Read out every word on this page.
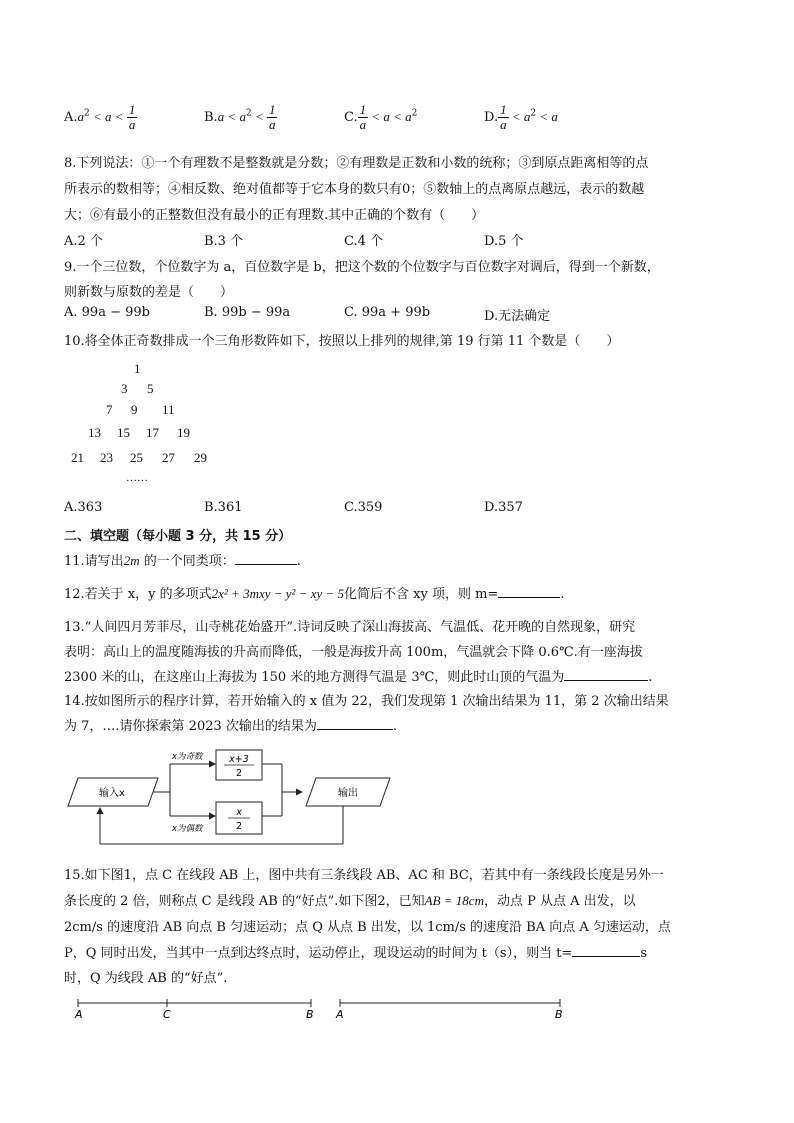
$A.a^2 < a < \frac{1}{a}$	$B.a < a^2 < \frac{1}{a}$	C. $\frac{1}{a} < a < a^2$	D. $\frac{1}{a} < a^2 < a$
8.下列说法：①一个有理数不是整数就是分数；②有理数是正数和小数的统称；③到原点距离相等的点
所表示的数相等；④相反数、绝对值都等于它本身的数只有0；⑤数轴上的点离原点越远，表示的数越
大；⑥有最小的正整数但没有最小的正有理数.其中正确的个数有（　　）
A.2 个	B.3 个	C.4 个	D.5 个
9.一个三位数，个位数字为 a，百位数字是 b，把这个数的个位数字与百位数字对调后，得到一个新数，
则新数与原数的差是（　　）
A. 99a − 99b	B. 99b − 99a	C. 99a + 99b	D.无法确定
10.将全体正奇数排成一个三角形数阵如下，按照以上排列的规律,第 19 行第 11 个数是（　　）
1
3 5
7 9 11
13 15 17 19
21 23 25 27 29
……
A.363	B.361	C.359	D.357
二、填空题（每小题 3 分，共 15 分）
11.请写出2m 的一个同类项：	.
12.若关于 x，y 的多项式2x² + 3mxy − y² − xy − 5化简后不含 xy 项，则 m=	.
13.“人间四月芳菲尽，山寺桃花始盛开”.诗词反映了深山海拔高、气温低、花开晚的自然现象，研究
表明：高山上的温度随海拔的升高而降低，一般是海拔升高 100m，气温就会下降 0.6℃.有一座海拔
2300 米的山，在这座山上海拔为 150 米的地方测得气温是 3℃，则此时山顶的气温为	.
14.按如图所示的程序计算，若开始输入的 x 值为 22，我们发现第 1 次输出结果为 11，第 2 次输出结果
为 7，….请你探索第 2023 次输出的结果为	.
输入x
x为奇数
x为偶数
x+3
2
x
2
输出
15.如下图1，点 C 在线段 AB 上，图中共有三条线段 AB、AC 和 BC，若其中有一条线段长度是另外一
条长度的 2 倍，则称点 C 是线段 AB 的“好点”.如下图2，已知AB = 18cm，动点 P 从点 A 出发，以
2cm/s 的速度沿 AB 向点 B 匀速运动；点 Q 从点 B 出发，以 1cm/s 的速度沿 BA 向点 A 匀速运动，点
P，Q 同时出发，当其中一点到达终点时，运动停止，现设运动的时间为 t（s），则当 t=	s
时，Q 为线段 AB 的“好点”.
A	C	B A	B
